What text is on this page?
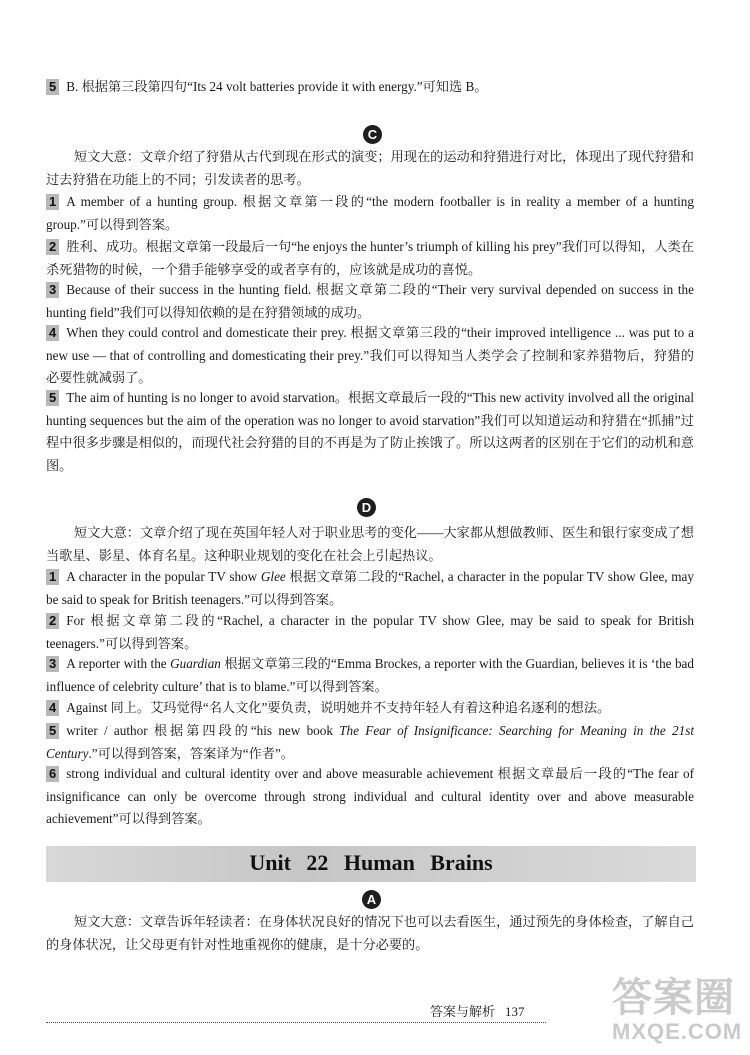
5 B. 根据第三段第四句“Its 24 volt batteries provide it with energy.”可知选 B。
C
短文大意：文章介绍了狩猎从古代到现在形式的演变；用现在的运动和狩猎进行对比，体现出了现代狩猎和过去狩猎在功能上的不同；引发读者的思考。
1 A member of a hunting group. 根据文章第一段的“the modern footballer is in reality a member of a hunting group.”可以得到答案。
2 胜利、成功。根据文章第一段最后一句“he enjoys the hunter’s triumph of killing his prey”我们可以得知，人类在杀死猎物的时候，一个猎手能够享受的或者享有的，应该就是成功的喜悦。
3 Because of their success in the hunting field. 根据文章第二段的“Their very survival depended on success in the hunting field”我们可以得知依赖的是在狩猎领域的成功。
4 When they could control and domesticate their prey. 根据文章第三段的“their improved intelligence ... was put to a new use — that of controlling and domesticating their prey.”我们可以得知当人类学会了控制和家养猎物后，狩猎的必要性就减弱了。
5 The aim of hunting is no longer to avoid starvation。根据文章最后一段的“This new activity involved all the original hunting sequences but the aim of the operation was no longer to avoid starvation”我们可以知道运动和狩猎在“抓捕”过程中很多步骤是相似的，而现代社会狩猎的目的不再是为了防止挨饿了。所以这两者的区别在于它们的动机和意图。
D
短文大意：文章介绍了现在英国年轻人对于职业思考的变化——大家都从想做教师、医生和银行家变成了想当歌星、影星、体育名星。这种职业规划的变化在社会上引起热议。
1 A character in the popular TV show Glee 根据文章第二段的“Rachel, a character in the popular TV show Glee, may be said to speak for British teenagers.”可以得到答案。
2 For 根据文章第二段的“Rachel, a character in the popular TV show Glee, may be said to speak for British teenagers.”可以得到答案。
3 A reporter with the Guardian 根据文章第三段的“Emma Brockes, a reporter with the Guardian, believes it is ‘the bad influence of celebrity culture’ that is to blame.”可以得到答案。
4 Against 同上。艾玛觉得“名人文化”要负责，说明她并不支持年轻人有着这种追名逐利的想法。
5 writer / author 根据第四段的“his new book The Fear of Insignificance: Searching for Meaning in the 21st Century.”可以得到答案，答案译为“作者”。
6 strong individual and cultural identity over and above measurable achievement 根据文章最后一段的“The fear of insignificance can only be overcome through strong individual and cultural identity over and above measurable achievement”可以得到答案。
Unit 22 Human Brains
A
短文大意：文章告诉年轻读者：在身体状况良好的情况下也可以去看医生，通过预先的身体检查，了解自己的身体状况，让父母更有针对性地重视你的健康，是十分必要的。
答案与解析 137 答案圈
MXQE.COM
